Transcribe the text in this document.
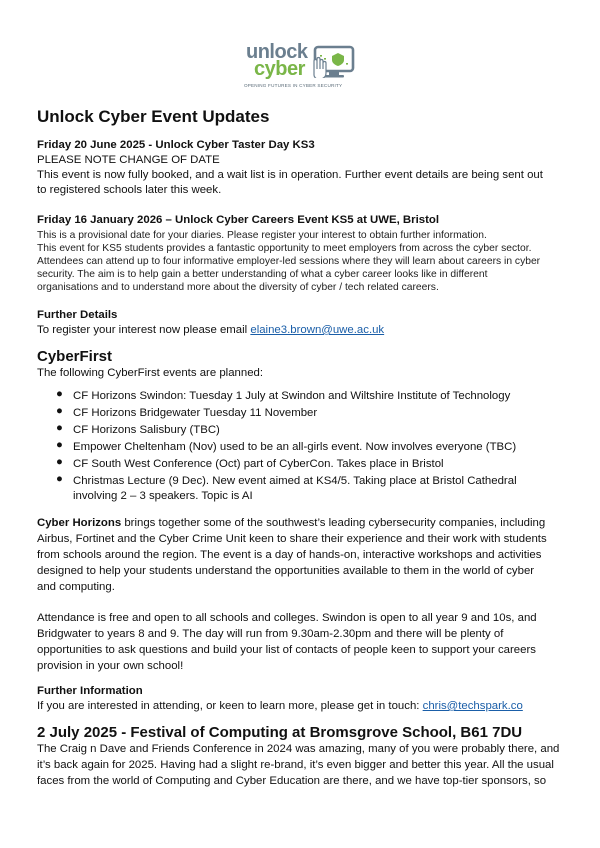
unlock
cyber
OPENING FUTURES IN CYBER SECURITY
Unlock Cyber Event Updates
Friday 20 June 2025 - Unlock Cyber Taster Day KS3
PLEASE NOTE CHANGE OF DATE
This event is now fully booked, and a wait list is in operation. Further event details are being sent out
to registered schools later this week.
Friday 16 January 2026 – Unlock Cyber Careers Event KS5 at UWE, Bristol
This is a provisional date for your diaries. Please register your interest to obtain further information.
This event for KS5 students provides a fantastic opportunity to meet employers from across the cyber sector.
Attendees can attend up to four informative employer-led sessions where they will learn about careers in cyber
security. The aim is to help gain a better understanding of what a cyber career looks like in different
organisations and to understand more about the diversity of cyber / tech related careers.
Further Details
To register your interest now please email elaine3.brown@uwe.ac.uk
CyberFirst
The following CyberFirst events are planned:
● CF Horizons Swindon: Tuesday 1 July at Swindon and Wiltshire Institute of Technology
● CF Horizons Bridgewater Tuesday 11 November
● CF Horizons Salisbury (TBC)
● Empower Cheltenham (Nov) used to be an all-girls event. Now involves everyone (TBC)
● CF South West Conference (Oct) part of CyberCon. Takes place in Bristol
● Christmas Lecture (9 Dec). New event aimed at KS4/5. Taking place at Bristol Cathedral
involving 2 – 3 speakers. Topic is AI
Cyber Horizons brings together some of the southwest’s leading cybersecurity companies, including
Airbus, Fortinet and the Cyber Crime Unit keen to share their experience and their work with students
from schools around the region. The event is a day of hands-on, interactive workshops and activities
designed to help your students understand the opportunities available to them in the world of cyber
and computing.
Attendance is free and open to all schools and colleges. Swindon is open to all year 9 and 10s, and
Bridgwater to years 8 and 9. The day will run from 9.30am-2.30pm and there will be plenty of
opportunities to ask questions and build your list of contacts of people keen to support your careers
provision in your own school!
Further Information
If you are interested in attending, or keen to learn more, please get in touch: chris@techspark.co
2 July 2025 - Festival of Computing at Bromsgrove School, B61 7DU
The Craig n Dave and Friends Conference in 2024 was amazing, many of you were probably there, and
it’s back again for 2025. Having had a slight re-brand, it’s even bigger and better this year. All the usual
faces from the world of Computing and Cyber Education are there, and we have top-tier sponsors, so
